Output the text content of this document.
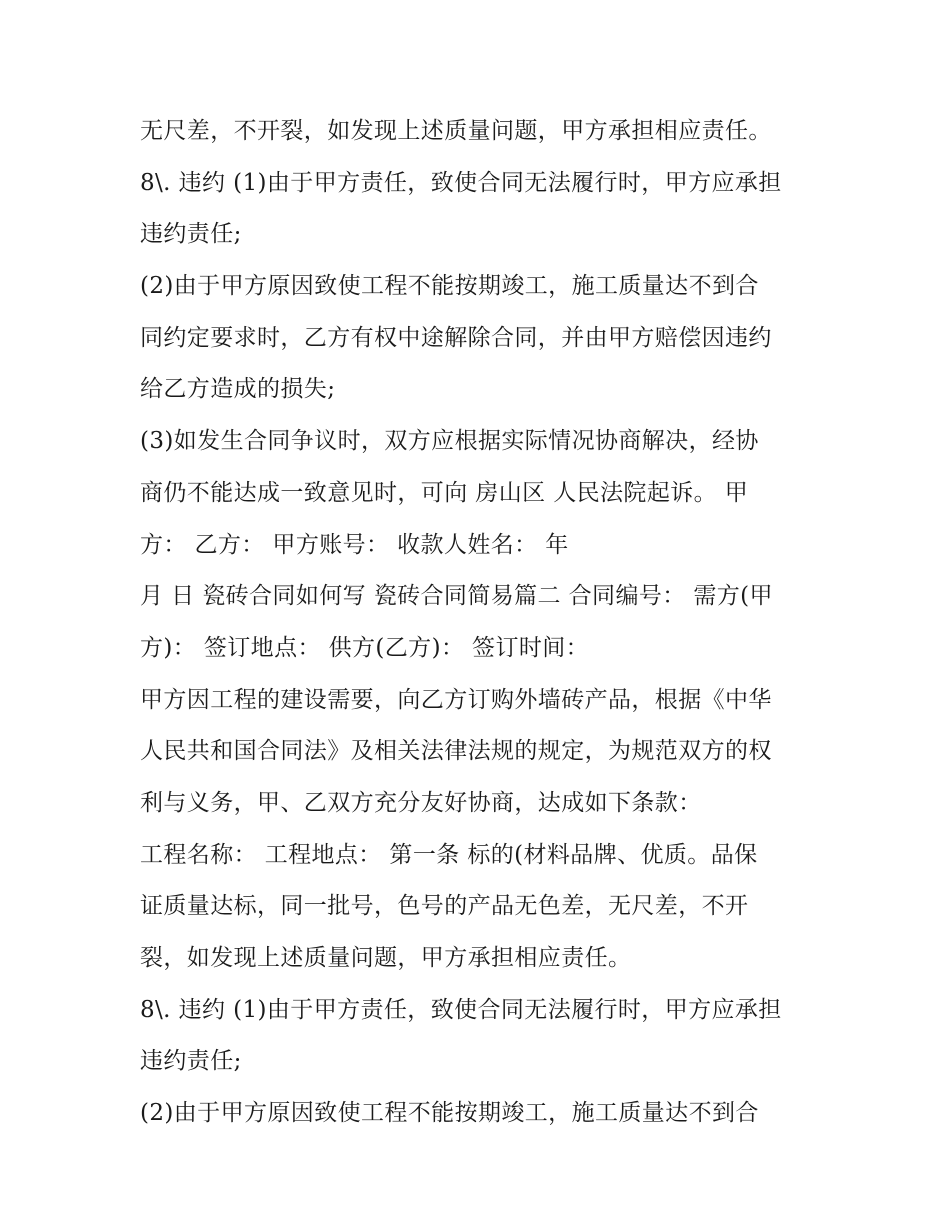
无尺差，不开裂，如发现上述质量问题，甲方承担相应责任。
8\. 违约 (1)由于甲方责任，致使合同无法履行时，甲方应承担
违约责任;
(2)由于甲方原因致使工程不能按期竣工，施工质量达不到合
同约定要求时，乙方有权中途解除合同，并由甲方赔偿因违约
给乙方造成的损失;
(3)如发生合同争议时，双方应根据实际情况协商解决，经协
商仍不能达成一致意见时，可向 房山区 人民法院起诉。 甲
方： 乙方： 甲方账号： 收款人姓名： 年
月 日 瓷砖合同如何写 瓷砖合同简易篇二 合同编号： 需方(甲
方)： 签订地点： 供方(乙方)： 签订时间：
甲方因工程的建设需要，向乙方订购外墙砖产品，根据《中华
人民共和国合同法》及相关法律法规的规定，为规范双方的权
利与义务，甲、乙双方充分友好协商，达成如下条款：
工程名称： 工程地点： 第一条 标的(材料品牌、优质。品保
证质量达标，同一批号，色号的产品无色差，无尺差，不开
裂，如发现上述质量问题，甲方承担相应责任。
8\. 违约 (1)由于甲方责任，致使合同无法履行时，甲方应承担
违约责任;
(2)由于甲方原因致使工程不能按期竣工，施工质量达不到合
